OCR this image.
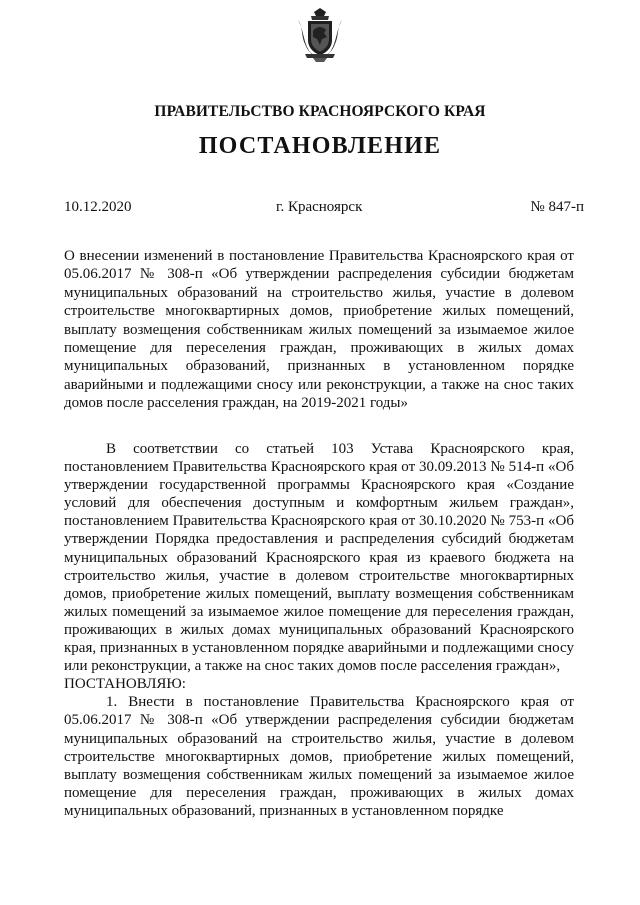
ПРАВИТЕЛЬСТВО КРАСНОЯРСКОГО КРАЯ
ПОСТАНОВЛЕНИЕ
10.12.2020	г. Красноярск	№ 847-п

О внесении изменений в постановление Правительства Красноярского края от 05.06.2017 № 308-п «Об утверждении распределения субсидии бюджетам муниципальных образований на строительство жилья, участие в долевом строительстве многоквартирных домов, приобретение жилых помещений, выплату возмещения собственникам жилых помещений за изымаемое жилое помещение для переселения граждан, проживающих в жилых домах муниципальных образований, признанных в установленном порядке аварийными и подлежащими сносу или реконструкции, а также на снос таких домов после расселения граждан, на 2019-2021 годы»

В соответствии со статьей 103 Устава Красноярского края, постановлением Правительства Красноярского края от 30.09.2013 № 514-п «Об утверждении государственной программы Красноярского края «Создание условий для обеспечения доступным и комфортным жильем граждан», постановлением Правительства Красноярского края от 30.10.2020 № 753-п «Об утверждении Порядка предоставления и распределения субсидий бюджетам муниципальных образований Красноярского края из краевого бюджета на строительство жилья, участие в долевом строительстве многоквартирных домов, приобретение жилых помещений, выплату возмещения собственникам жилых помещений за изымаемое жилое помещение для переселения граждан, проживающих в жилых домах муниципальных образований Красноярского края, признанных в установленном порядке аварийными и подлежащими сносу или реконструкции, а также на снос таких домов после расселения граждан»,

ПОСТАНОВЛЯЮ:

1. Внести в постановление Правительства Красноярского края от 05.06.2017 № 308-п «Об утверждении распределения субсидии бюджетам муниципальных образований на строительство жилья, участие в долевом строительстве многоквартирных домов, приобретение жилых помещений, выплату возмещения собственникам жилых помещений за изымаемое жилое помещение для переселения граждан, проживающих в жилых домах муниципальных образований, признанных в установленном порядке
